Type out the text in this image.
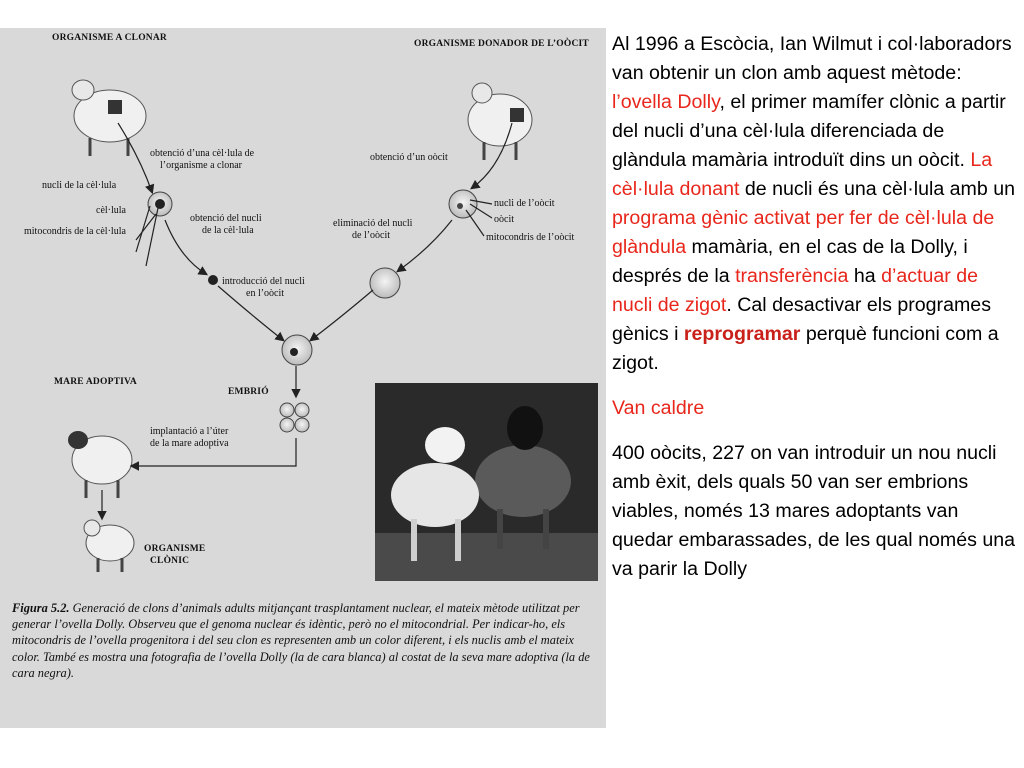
ORGANISME A CLONAR
ORGANISME DONADOR DE L’OÒCIT
obtenció d’una cèl·lula de
l’organisme a clonar
obtenció d’un oòcit
nucli de la cèl·lula
cèl·lula
mitocondris de la cèl·lula
obtenció del nucli
de la cèl·lula
eliminació del nucli
de l’oòcit
nucli de l’oòcit
oòcit
mitocondris de l’oòcit
introducció del nucli
en l’oòcit
MARE ADOPTIVA
EMBRIÓ
implantació a l’úter
de la mare adoptiva
ORGANISME
CLÒNIC
Figura 5.2. Generació de clons d’animals adults mitjançant trasplantament nuclear, el mateix mètode utilitzat per generar l’ovella Dolly. Observeu que el genoma nuclear és idèntic, però no el mitocondrial. Per indicar-ho, els mitocondris de l’ovella progenitora i del seu clon es representen amb un color diferent, i els nuclis amb el mateix color. També es mostra una fotografia de l’ovella Dolly (la de cara blanca) al costat de la seva mare adoptiva (la de cara negra).

Al 1996 a Escòcia, Ian Wilmut i col·laboradors van obtenir un clon amb aquest mètode: l’ovella Dolly, el primer mamífer clònic a partir del nucli d’una cèl·lula diferenciada de glàndula mamària introduït dins un oòcit. La cèl·lula donant de nucli és una cèl·lula amb un programa gènic activat per fer de cèl·lula de glàndula mamària, en el cas de la Dolly, i després de la transferència ha d’actuar de nucli de zigot. Cal desactivar els programes gènics i reprogramar perquè funcioni com a zigot.

Van caldre

400 oòcits, 227 on van introduir un nou nucli amb èxit, dels quals 50 van ser embrions viables, només 13 mares adoptants van quedar embarassades, de les qual només una va parir la Dolly
